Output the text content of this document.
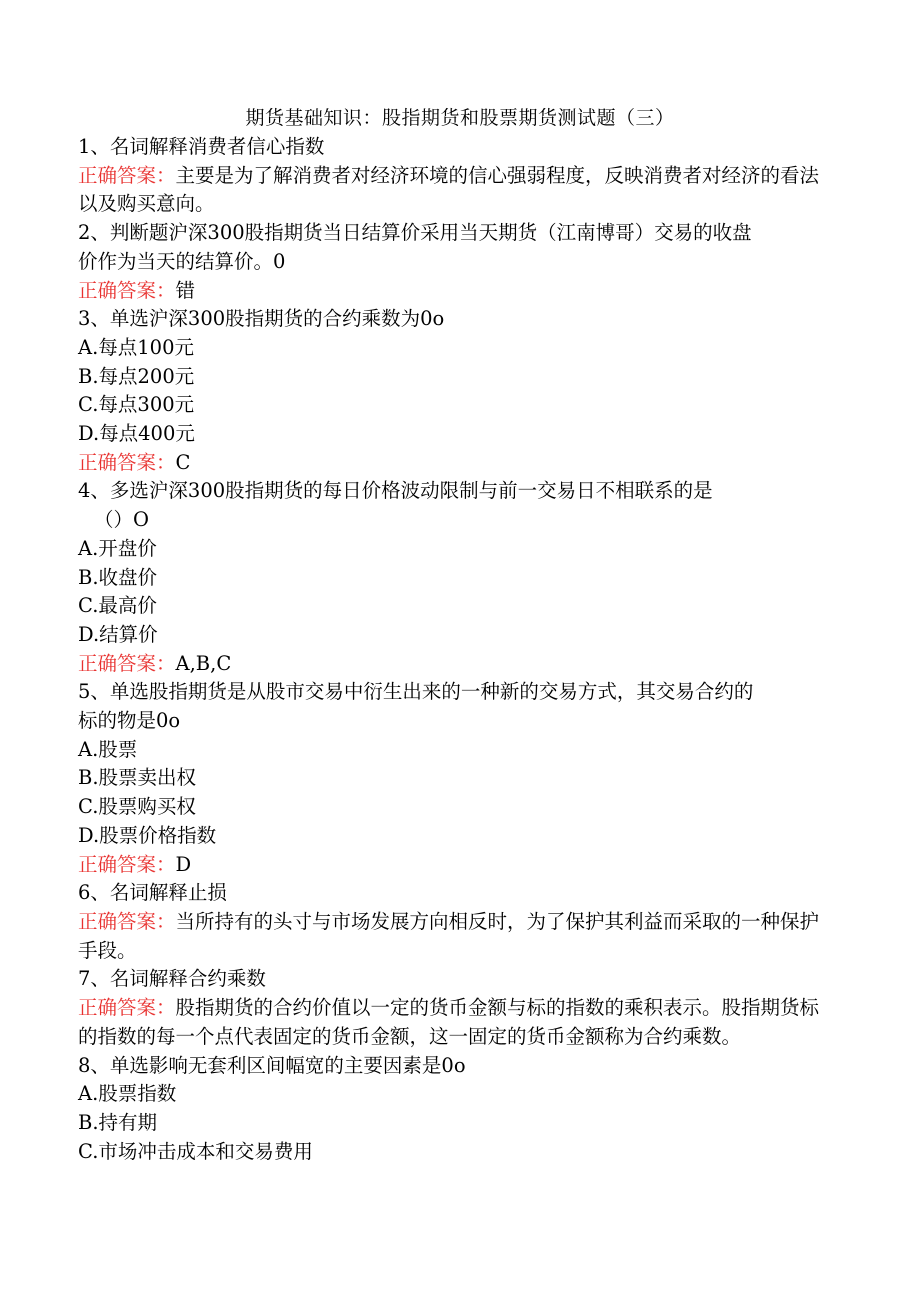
期货基础知识：股指期货和股票期货测试题（三）
1、名词解释消费者信心指数
正确答案：主要是为了解消费者对经济环境的信心强弱程度，反映消费者对经济的看法以及购买意向。
2、判断题沪深300股指期货当日结算价采用当天期货（江南博哥）交易的收盘
价作为当天的结算价。0
正确答案：错
3、单选沪深300股指期货的合约乘数为0o
A.每点100元
B.每点200元
C.每点300元
D.每点400元
正确答案：C
4、多选沪深300股指期货的每日价格波动限制与前一交易日不相联系的是
（）O
A.开盘价
B.收盘价
C.最高价
D.结算价
正确答案：A,B,C
5、单选股指期货是从股市交易中衍生出来的一种新的交易方式，其交易合约的
标的物是0o
A.股票
B.股票卖出权
C.股票购买权
D.股票价格指数
正确答案：D
6、名词解释止损
正确答案：当所持有的头寸与市场发展方向相反时，为了保护其利益而采取的一种保护手段。
7、名词解释合约乘数
正确答案：股指期货的合约价值以一定的货币金额与标的指数的乘积表示。股指期货标的指数的每一个点代表固定的货币金额，这一固定的货币金额称为合约乘数。
8、单选影响无套利区间幅宽的主要因素是0o
A.股票指数
B.持有期
C.市场冲击成本和交易费用
